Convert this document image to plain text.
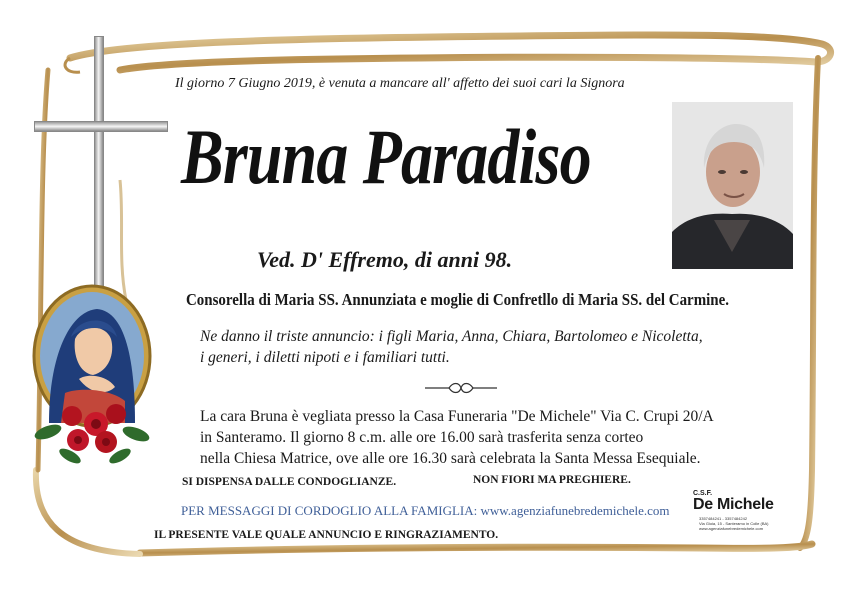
Il giorno 7 Giugno 2019, è venuta a mancare all' affetto dei suoi cari la Signora
Bruna Paradiso
Ved. D' Effremo, di anni 98.
Consorella di Maria SS. Annunziata e moglie di Confretllo di Maria SS. del Carmine.
Ne danno il triste annuncio: i figli Maria, Anna, Chiara, Bartolomeo e Nicoletta,
i generi, i diletti nipoti e i familiari tutti.
La cara Bruna è vegliata presso la Casa Funeraria "De Michele" Via C. Crupi 20/A
in Santeramo. Il giorno 8 c.m. alle ore 16.00 sarà trasferita senza corteo
nella Chiesa Matrice, ove alle ore 16.30 sarà celebrata la Santa Messa Esequiale.
SI DISPENSA DALLE CONDOGLIANZE.	NON FIORI MA PREGHIERE.
PER MESSAGGI DI CORDOGLIO ALLA FAMIGLIA: www.agenziafunebredemichele.com
IL PRESENTE VALE QUALE ANNUNCIO E RINGRAZIAMENTO.
C.S.F.
De Michele
3357484241 - 3357484242
Via Gioia, 15 - Santeramo in Colle (BA)
www.agenziafunebredemichele.com
